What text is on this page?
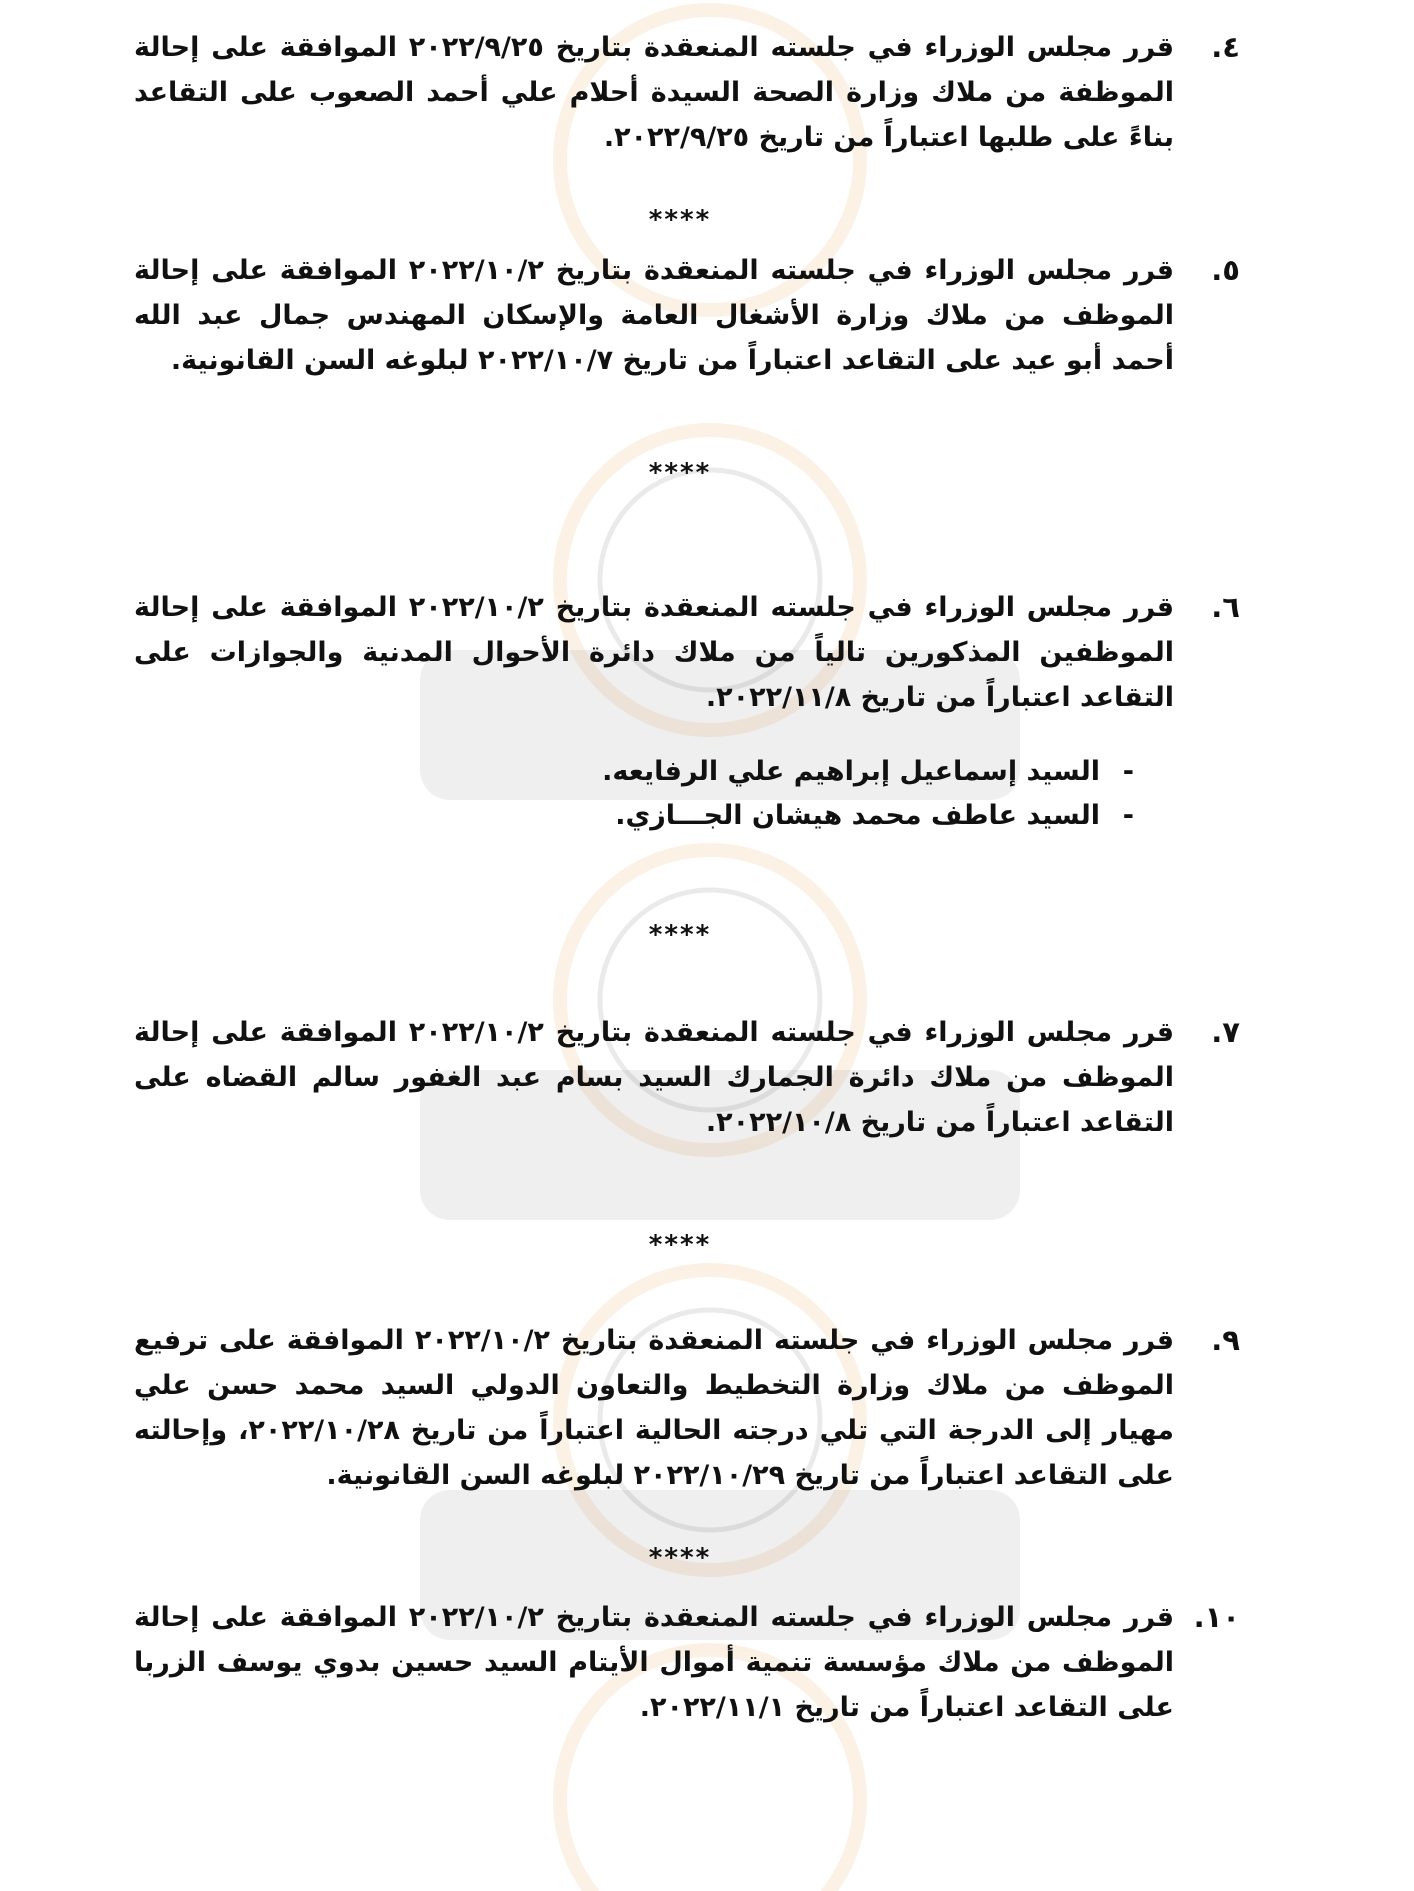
٤.

قرر مجلس الوزراء في جلسته المنعقدة بتاريخ ٢٠٢٢/٩/٢٥ الموافقة على إحالة الموظفة من ملاك وزارة الصحة السيدة أحلام علي أحمد الصعوب على التقاعد بناءً على طلبها اعتباراً من تاريخ ٢٠٢٢/٩/٢٥.

****
٥.

قرر مجلس الوزراء في جلسته المنعقدة بتاريخ ٢٠٢٢/١٠/٢ الموافقة على إحالة الموظف من ملاك وزارة الأشغال العامة والإسكان المهندس جمال عبد الله أحمد أبو عيد على التقاعد اعتباراً من تاريخ ٢٠٢٢/١٠/٧ لبلوغه السن القانونية.

****
٦.

قرر مجلس الوزراء في جلسته المنعقدة بتاريخ ٢٠٢٢/١٠/٢ الموافقة على إحالة الموظفين المذكورين تالياً من ملاك دائرة الأحوال المدنية والجوازات على التقاعد اعتباراً من تاريخ ٢٠٢٢/١١/٨.

- السيد إسماعيل إبراهيم علي الرفايعه.
- السيد عاطف محمد هيشان الجـــازي.
****
٧.

قرر مجلس الوزراء في جلسته المنعقدة بتاريخ ٢٠٢٢/١٠/٢ الموافقة على إحالة الموظف من ملاك دائرة الجمارك السيد بسام عبد الغفور سالم القضاه على التقاعد اعتباراً من تاريخ ٢٠٢٢/١٠/٨.

****
٩.

قرر مجلس الوزراء في جلسته المنعقدة بتاريخ ٢٠٢٢/١٠/٢ الموافقة على ترفيع الموظف من ملاك وزارة التخطيط والتعاون الدولي السيد محمد حسن علي مهيار إلى الدرجة التي تلي درجته الحالية اعتباراً من تاريخ ٢٠٢٢/١٠/٢٨، وإحالته على التقاعد اعتباراً من تاريخ ٢٠٢٢/١٠/٢٩ لبلوغه السن القانونية.

****
١٠.

قرر مجلس الوزراء في جلسته المنعقدة بتاريخ ٢٠٢٢/١٠/٢ الموافقة على إحالة الموظف من ملاك مؤسسة تنمية أموال الأيتام السيد حسين بدوي يوسف الزربا على التقاعد اعتباراً من تاريخ ٢٠٢٢/١١/١.
